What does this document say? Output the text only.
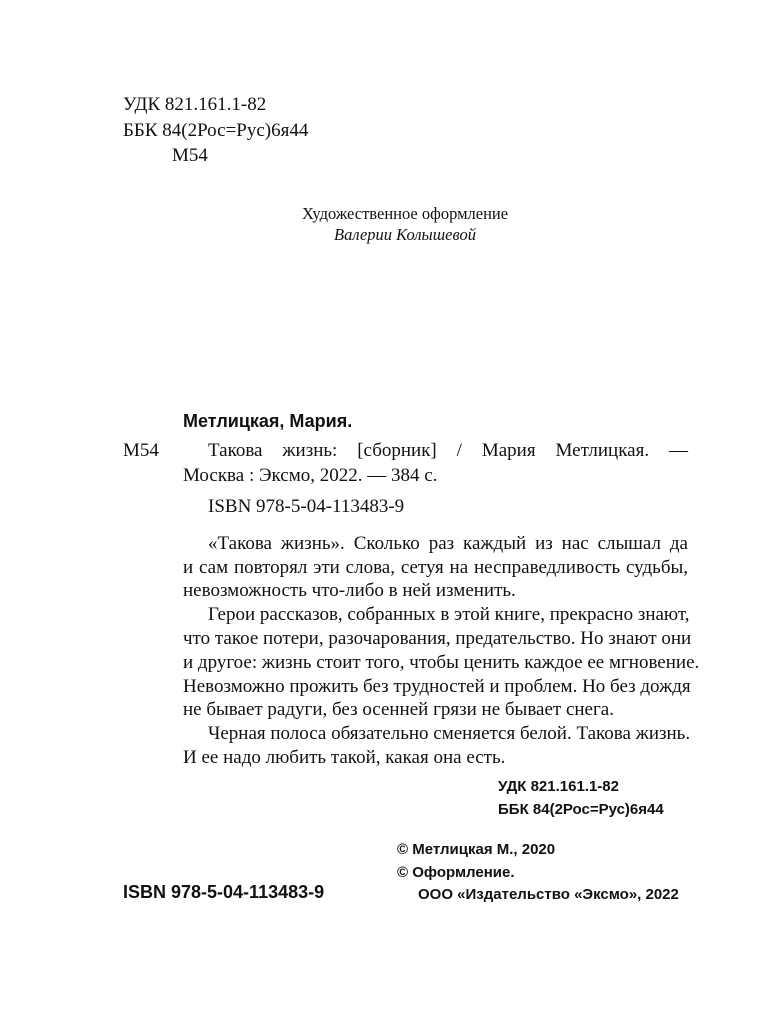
УДК 821.161.1-82
ББК 84(2Рос=Рус)6я44
М54
Художественное оформление
Валерии Колышевой
Метлицкая, Мария.
М54	Такова жизнь: [сборник] / Мария Метлицкая. —
Москва : Эксмо, 2022. — 384 с.
ISBN 978-5-04-113483-9
«Такова жизнь». Сколько раз каждый из нас слышал да
и сам повторял эти слова, сетуя на несправедливость судьбы,
невозможность что-либо в ней изменить.
Герои рассказов, собранных в этой книге, прекрасно знают,
что такое потери, разочарования, предательство. Но знают они
и другое: жизнь стоит того, чтобы ценить каждое ее мгновение.
Невозможно прожить без трудностей и проблем. Но без дождя
не бывает радуги, без осенней грязи не бывает снега.
Черная полоса обязательно сменяется белой. Такова жизнь.
И ее надо любить такой, какая она есть.
УДК 821.161.1-82
ББК 84(2Рос=Рус)6я44
© Метлицкая М., 2020
© Оформление.
ООО «Издательство «Эксмо», 2022
ISBN 978-5-04-113483-9
